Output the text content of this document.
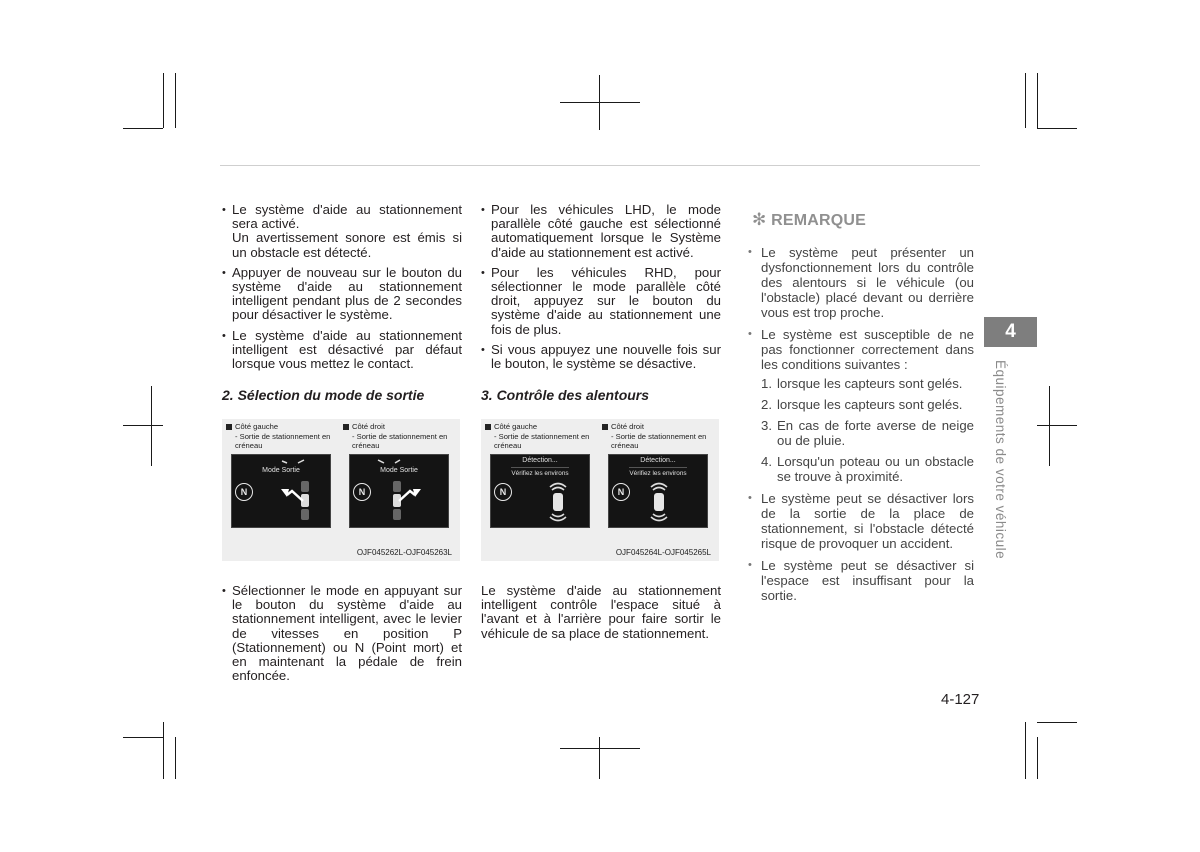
• Le système d'aide au stationnement sera activé.
Un avertissement sonore est émis si un obstacle est détecté.
• Appuyer de nouveau sur le bouton du système d'aide au stationnement intelligent pendant plus de 2 secondes pour désactiver le système.
• Le système d'aide au stationnement intelligent est désactivé par défaut lorsque vous mettez le contact.
2. Sélection du mode de sortie
Côté gauche
- Sortie de stationnement en créneau
Côté droit
- Sortie de stationnement en créneau
Mode Sortie
N
Mode Sortie
N
OJF045262L-OJF045263L
• Sélectionner le mode en appuyant sur le bouton du système d'aide au stationnement intelligent, avec le levier de vitesses en position P (Stationnement) ou N (Point mort) et en maintenant la pédale de frein enfoncée.
• Pour les véhicules LHD, le mode parallèle côté gauche est sélectionné automatiquement lorsque le Système d'aide au stationnement est activé.
• Pour les véhicules RHD, pour sélectionner le mode parallèle côté droit, appuyez sur le bouton du système d'aide au stationnement une fois de plus.
• Si vous appuyez une nouvelle fois sur le bouton, le système se désactive.
3. Contrôle des alentours
Côté gauche
- Sortie de stationnement en créneau
Côté droit
- Sortie de stationnement en créneau
Détection...
Vérifiez les environs
N
Détection...
Vérifiez les environs
N
OJF045264L-OJF045265L

Le système d'aide au stationnement intelligent contrôle l'espace situé à l'avant et à l'arrière pour faire sortir le véhicule de sa place de stationnement.

✻ REMARQUE
• Le système peut présenter un dysfonctionnement lors du contrôle des alentours si le véhicule (ou l'obstacle) placé devant ou derrière vous est trop proche.
• Le système est susceptible de ne pas fonctionner correctement dans les conditions suivantes :
1. lorsque les capteurs sont gelés.
2. lorsque les capteurs sont gelés.
3. En cas de forte averse de neige ou de pluie.
4. Lorsqu'un poteau ou un obstacle se trouve à proximité.
• Le système peut se désactiver lors de la sortie de la place de stationnement, si l'obstacle détecté risque de provoquer un accident.
• Le système peut se désactiver si l'espace est insuffisant pour la sortie.
4
Équipements de votre véhicule
4-127
